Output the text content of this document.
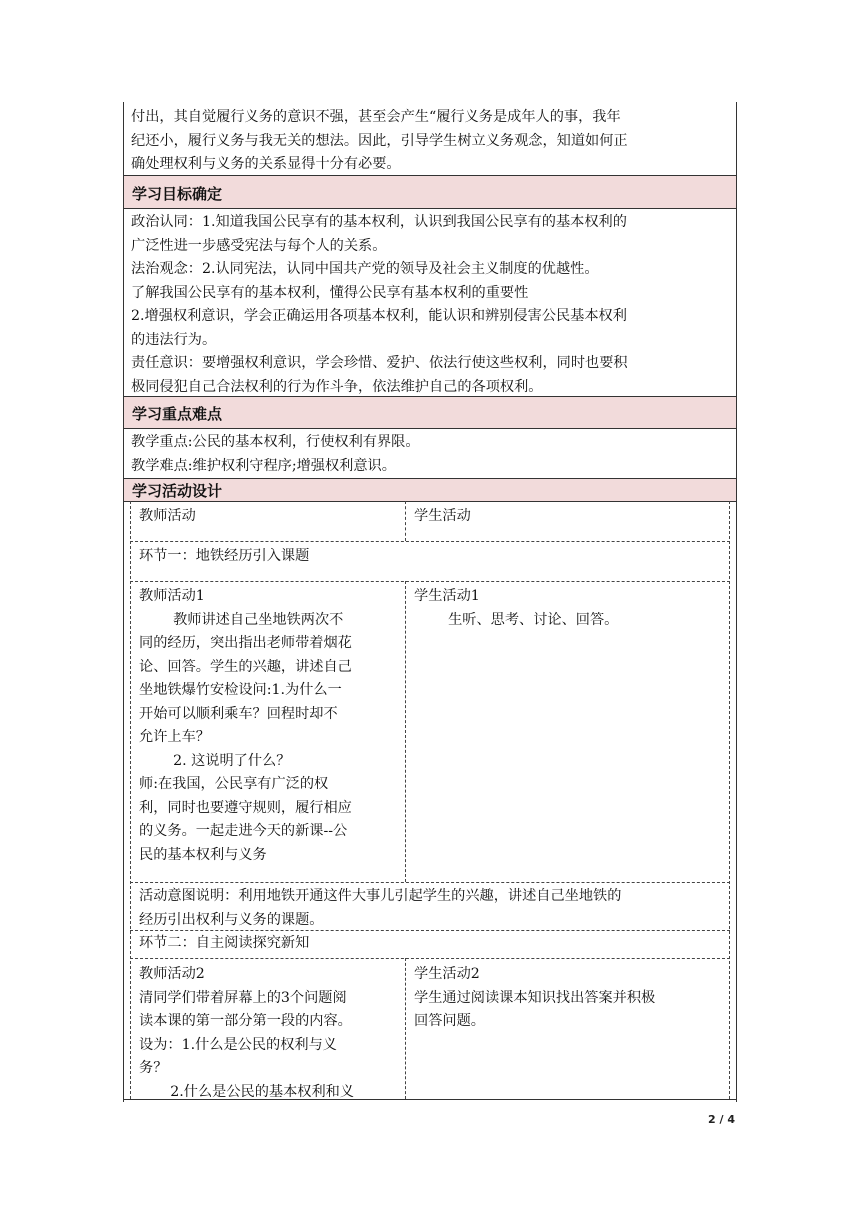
付出，其自觉履行义务的意识不强，甚至会产生“履行义务是成年人的事，我年

纪还小，履行义务与我无关的想法。因此，引导学生树立义务观念，知道如何正

确处理权利与义务的关系显得十分有必要。

学习目标确定

政治认同：1.知道我国公民享有的基本权利，认识到我国公民享有的基本权利的

广泛性进一步感受宪法与每个人的关系。

法治观念：2.认同宪法，认同中国共产党的领导及社会主义制度的优越性。

了解我国公民享有的基本权利，懂得公民享有基本权利的重要性

2.增强权利意识，学会正确运用各项基本权利，能认识和辨别侵害公民基本权利

的违法行为。

责任意识：要增强权利意识，学会珍惜、爱护、依法行使这些权利，同时也要积

极同侵犯自己合法权利的行为作斗争，依法维护自己的各项权利。

学习重点难点

教学重点:公民的基本权利，行使权利有界限。

教学难点:维护权利守程序;增强权利意识。

学习活动设计
教师活动	学生活动
环节一：地铁经历引入课题

教师活动1

教师讲述自己坐地铁两次不

同的经历，突出指出老师带着烟花

论、回答。学生的兴趣，讲述自己

坐地铁爆竹安检设问:1.为什么一

开始可以顺利乘车？回程时却不

允许上车？

2. 这说明了什么？

师:在我国，公民享有广泛的权

利，同时也要遵守规则，履行相应

的义务。一起走进今天的新课--公

民的基本权利与义务

学生活动1

生听、思考、讨论、回答。

活动意图说明：利用地铁开通这件大事儿引起学生的兴趣，讲述自己坐地铁的

经历引出权利与义务的课题。

环节二：自主阅读探究新知

教师活动2

清同学们带着屏幕上的3个问题阅

读本课的第一部分第一段的内容。

设为：1.什么是公民的权利与义

务？

2.什么是公民的基本权利和义

学生活动2

学生通过阅读课本知识找出答案并积极

回答问题。

2 / 4
